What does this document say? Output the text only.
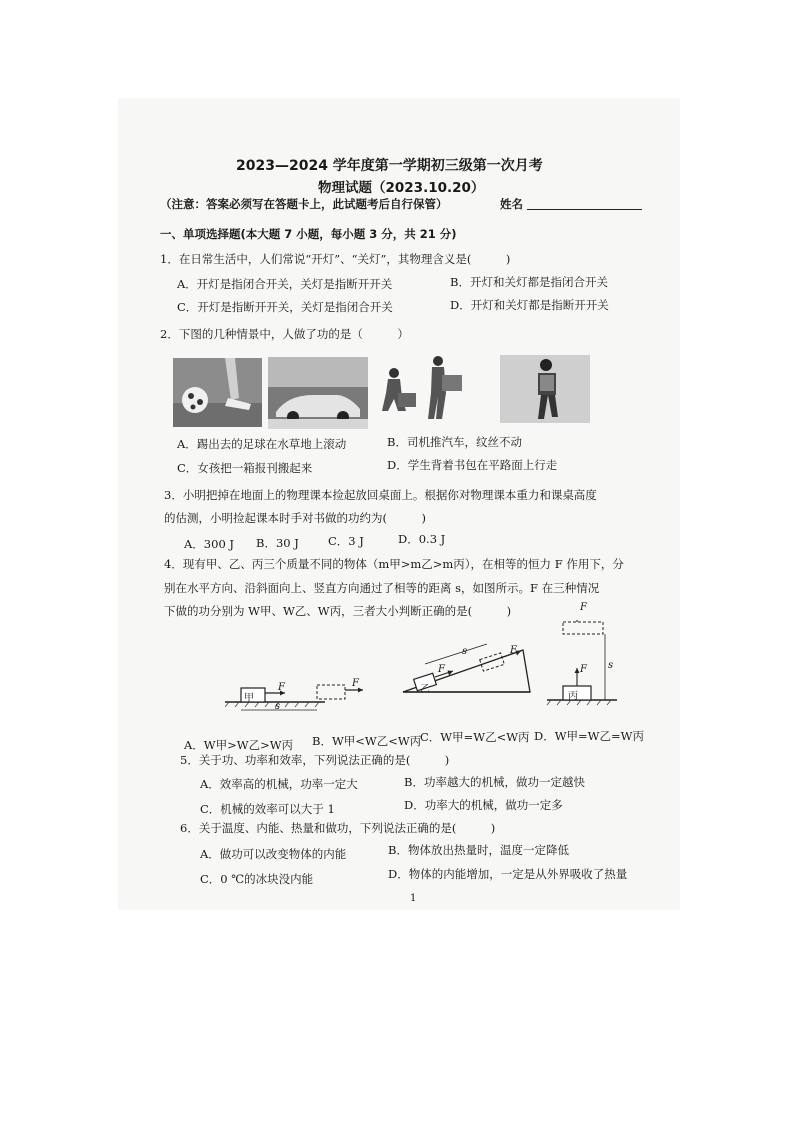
2023—2024 学年度第一学期初三级第一次月考
物理试题（2023.10.20）
（注意：答案必须写在答题卡上，此试题考后自行保管）	姓名
一、单项选择题(本大题 7 小题，每小题 3 分，共 21 分)
1．在日常生活中，人们常说“开灯”、“关灯”，其物理含义是(　　　)
A．开灯是指闭合开关，关灯是指断开开关	B．开灯和关灯都是指闭合开关
C．开灯是指断开开关，关灯是指闭合开关	D．开灯和关灯都是指断开开关
2．下图的几种情景中，人做了功的是（　　　）
A．踢出去的足球在水草地上滚动	B．司机推汽车，纹丝不动
C．女孩把一箱报刊搬起来	D．学生背着书包在平路面上行走
3．小明把掉在地面上的物理课本捡起放回桌面上。根据你对物理课本重力和课桌高度
的估测，小明捡起课本时手对书做的功约为(　　　)
A．300 J B．30 J	C．3 J	D．0.3 J
4．现有甲、乙、丙三个质量不同的物体（m甲>m乙>m丙），在相等的恒力 F 作用下，分
别在水平方向、沿斜面向上、竖直方向通过了相等的距离 s，如图所示。F 在三种情况
下做的功分别为 W甲、W乙、W丙，三者大小判断正确的是(　　　)
甲
F	F
s
乙
F
F
s
丙
F
F
s
A．W甲>W乙>W丙 B．W甲<W乙<W丙
C．W甲=W乙<W丙 D．W甲=W乙=W丙
5．关于功、功率和效率，下列说法正确的是(　　　)
A．效率高的机械，功率一定大	B．功率越大的机械，做功一定越快
C．机械的效率可以大于 1	D．功率大的机械，做功一定多
6．关于温度、内能、热量和做功，下列说法正确的是(　　　)
A．做功可以改变物体的内能	B．物体放出热量时，温度一定降低
C．0 ℃的冰块没内能	D．物体的内能增加，一定是从外界吸收了热量
1
